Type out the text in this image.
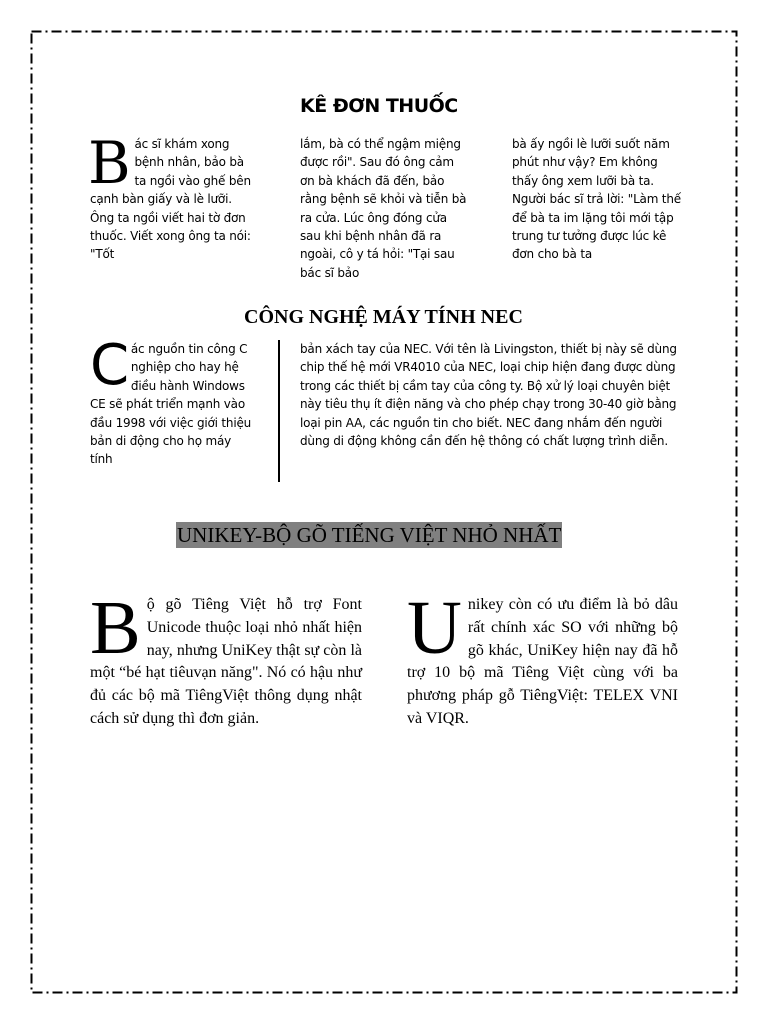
KÊ ĐƠN THUỐC
B ác sĩ khám xong bệnh nhân, bảo bà ta ngồi vào ghế bên cạnh bàn giấy và lè lưỡi. Ông ta ngồi viết hai tờ đơn thuốc. Viết xong ông ta nói: "Tốt
lắm, bà có thể ngậm miệng được rồi". Sau đó ông cảm ơn bà khách đã đến, bảo rằng bệnh sẽ khỏi và tiễn bà ra cửa. Lúc ông đóng cửa sau khi bệnh nhân đã ra ngoài, cô y tá hỏi: "Tại sau bác sĩ bảo
bà ấy ngồi lè lưỡi suốt năm phút như vậy? Em không thấy ông xem lưỡi bà ta. Người bác sĩ trả lời: "Làm thế để bà ta im lặng tôi mới tập trung tư tưởng được lúc kê đơn cho bà ta
CÔNG NGHỆ MÁY TÍNH NEC
C ác nguồn tin công C nghiệp cho hay hệ điều hành Windows CE sẽ phát triển mạnh vào đầu 1998 với việc giới thiệu bản di động cho họ máy tính
bản xách tay của NEC. Với tên là Livingston, thiết bị này sẽ dùng chip thế hệ mới VR4010 của NEC, loại chip hiện đang được dùng trong các thiết bị cầm tay của công ty. Bộ xử lý loại chuyên biệt này tiêu thụ ít điện năng và cho phép chạy trong 30-40 giờ bằng loại pin AA, các nguồn tin cho biết. NEC đang nhắm đến người dùng di động không cần đến hệ thông có chất lượng trình diễn.
UNIKEY-BỘ GÕ TIẾNG VIỆT NHỎ NHẤT
B ộ gõ Tiêng Việt hỗ trợ Font Unicode thuộc loại nhỏ nhất hiện nay, nhưng UniKey thật sự còn là một “bé hạt tiêuvạn năng". Nó có hậu như đủ các bộ mã TiêngViệt thông dụng nhật cách sử dụng thì đơn giản.
U nikey còn có ưu điểm là bỏ dâu rất chính xác SO với những bộ gõ khác, UniKey hiện nay đã hỗ trợ 10 bộ mã Tiêng Việt cùng với ba phương pháp gỗ TiêngViệt: TELEX VNI và VIQR.
